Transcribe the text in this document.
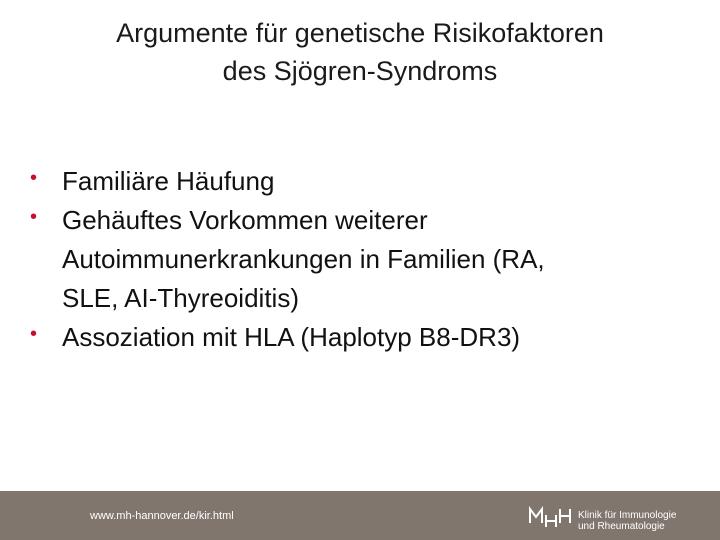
Argumente für genetische Risikofaktoren
des Sjögren-Syndroms
• Familiäre Häufung
• Gehäuftes Vorkommen weiterer
Autoimmunerkrankungen in Familien (RA,
SLE, AI-Thyreoiditis)
• Assoziation mit HLA (Haplotyp B8-DR3)
www.mh-hannover.de/kir.html	Klinik für Immunologie
und Rheumatologie
